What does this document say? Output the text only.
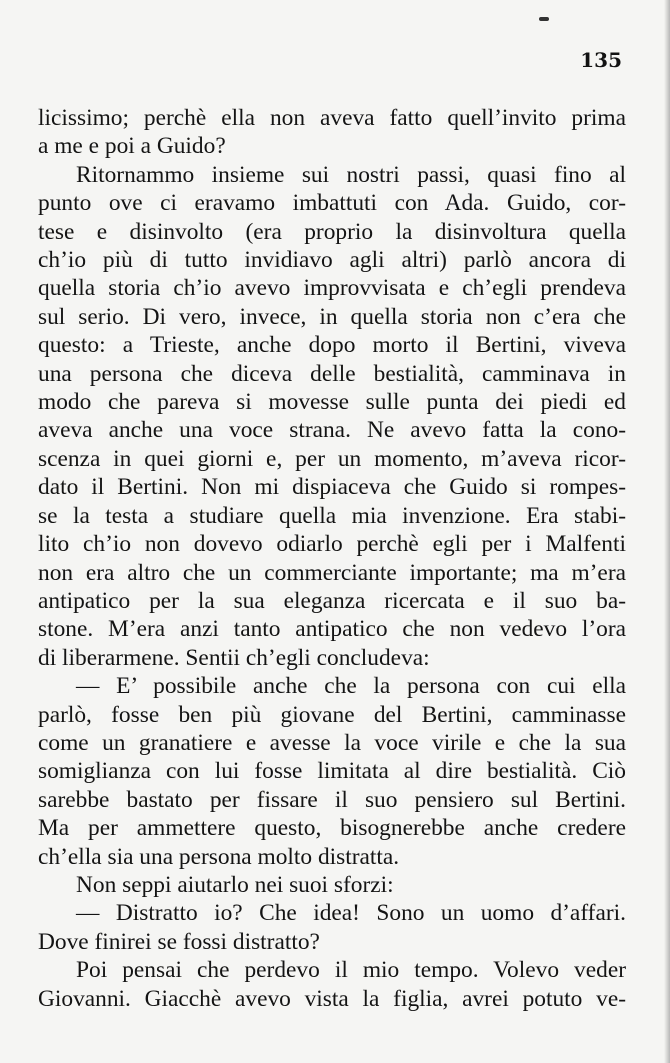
135
licissimo; perchè ella non aveva fatto quell’invito prima
a me e poi a Guido?
Ritornammo insieme sui nostri passi, quasi fino al
punto ove ci eravamo imbattuti con Ada. Guido, cor-
tese e disinvolto (era proprio la disinvoltura quella
ch’io più di tutto invidiavo agli altri) parlò ancora di
quella storia ch’io avevo improvvisata e ch’egli prendeva
sul serio. Di vero, invece, in quella storia non c’era che
questo: a Trieste, anche dopo morto il Bertini, viveva
una persona che diceva delle bestialità, camminava in
modo che pareva si movesse sulle punta dei piedi ed
aveva anche una voce strana. Ne avevo fatta la cono-
scenza in quei giorni e, per un momento, m’aveva ricor-
dato il Bertini. Non mi dispiaceva che Guido si rompes-
se la testa a studiare quella mia invenzione. Era stabi-
lito ch’io non dovevo odiarlo perchè egli per i Malfenti
non era altro che un commerciante importante; ma m’era
antipatico per la sua eleganza ricercata e il suo ba-
stone. M’era anzi tanto antipatico che non vedevo l’ora
di liberarmene. Sentii ch’egli concludeva:
— E’ possibile anche che la persona con cui ella
parlò, fosse ben più giovane del Bertini, camminasse
come un granatiere e avesse la voce virile e che la sua
somiglianza con lui fosse limitata al dire bestialità. Ciò
sarebbe bastato per fissare il suo pensiero sul Bertini.
Ma per ammettere questo, bisognerebbe anche credere
ch’ella sia una persona molto distratta.
Non seppi aiutarlo nei suoi sforzi:
— Distratto io? Che idea! Sono un uomo d’affari.
Dove finirei se fossi distratto?
Poi pensai che perdevo il mio tempo. Volevo veder
Giovanni. Giacchè avevo vista la figlia, avrei potuto ve-
